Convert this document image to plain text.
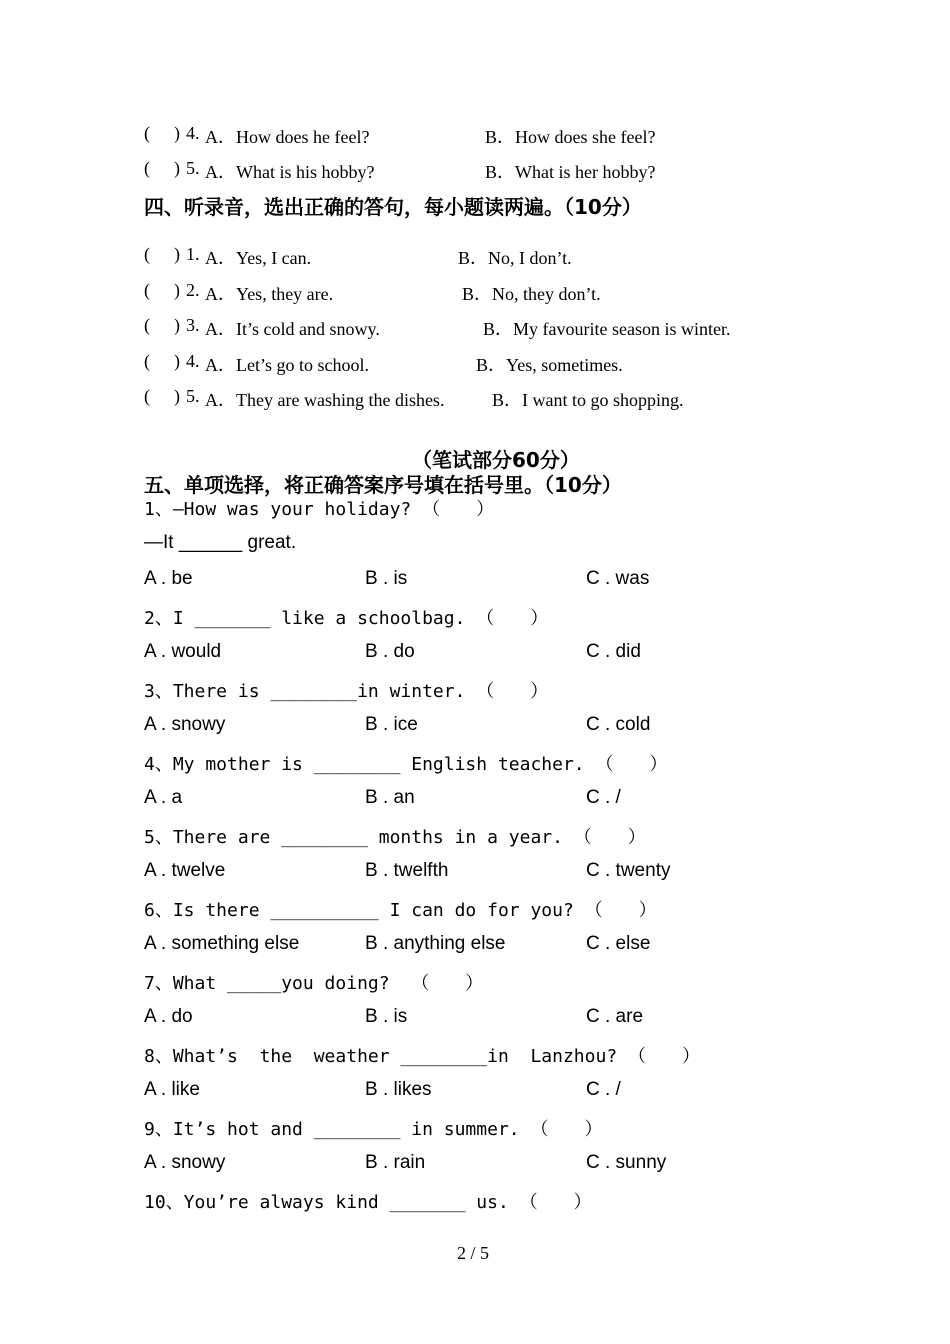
( ) 4. A．How does he feel?	B．How does she feel?
( ) 5. A．What is his hobby?	B．What is her hobby?
四、听录音，选出正确的答句，每小题读两遍。（10分）
( ) 1. A．Yes, I can.	B．No, I don’t.
( ) 2. A．Yes, they are.	B．No, they don’t.
( ) 3. A．It’s cold and snowy.	B．My favourite season is winter.
( ) 4. A．Let’s go to school.	B．Yes, sometimes.
( ) 5. A．They are washing the dishes.	B．I want to go shopping.
（笔试部分60分）
五、单项选择，将正确答案序号填在括号里。（10分）
1、—How was your holiday? （　　）
—It ______ great.
A . be	B . is	C . was
2、I _______ like a schoolbag. （　　）
A . would	B . do	C . did
3、There is ________in winter. （　　）
A . snowy	B . ice	C . cold
4、My mother is ________ English teacher. （　　）
A . a	B . an	C . /
5、There are ________ months in a year. （　　）
A . twelve	B . twelfth	C . twenty
6、Is there __________ I can do for you? （　　）
A . something else	B . anything else	C . else
7、What _____you doing?  （　　）
A . do	B . is	C . are
8、What’s  the  weather ________in  Lanzhou? （　　）
A . like	B . likes	C . /
9、It’s hot and ________ in summer. （　　）
A . snowy	B . rain	C . sunny
10、You’re always kind _______ us. （　　）
2 / 5
